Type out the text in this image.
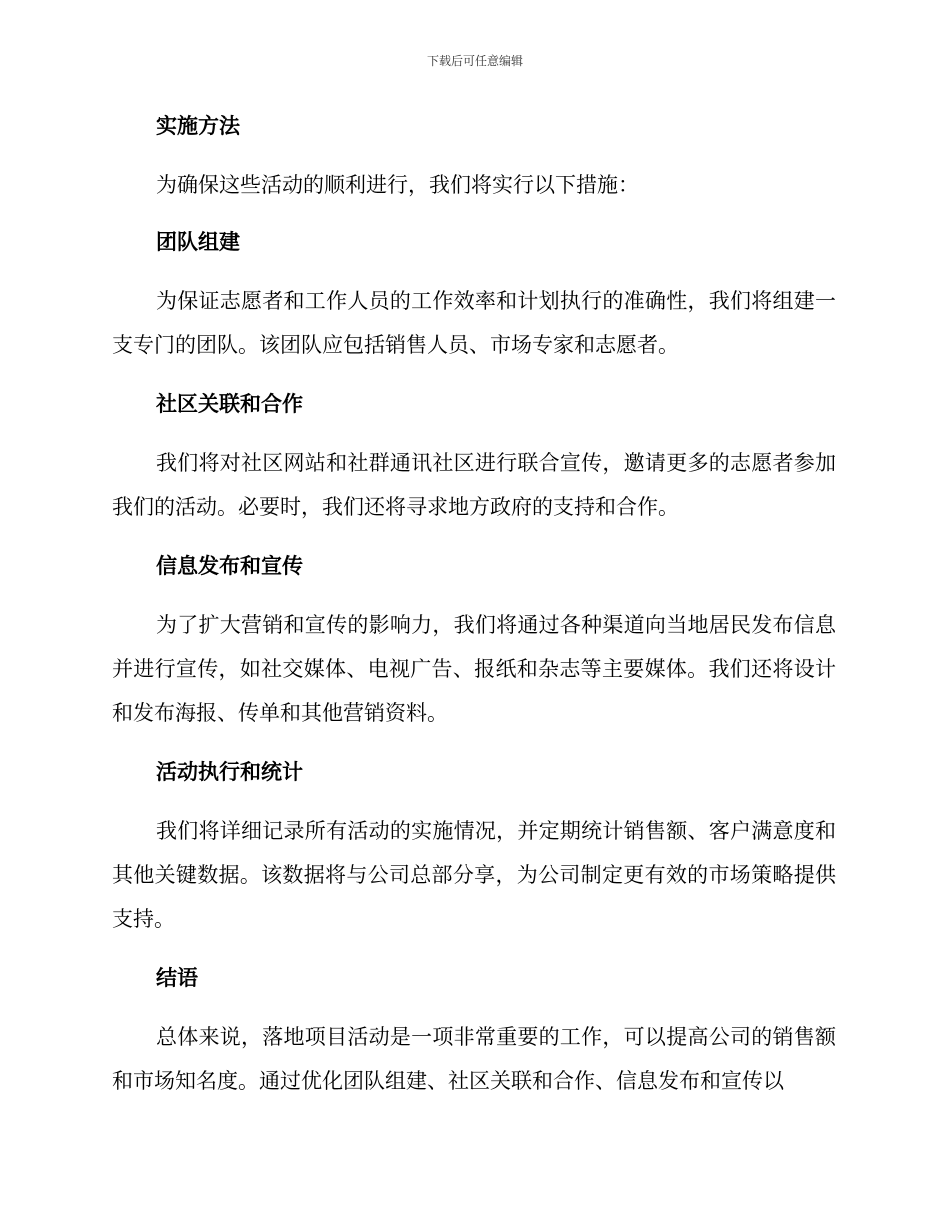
下载后可任意编辑
实施方法
为确保这些活动的顺利进行，我们将实行以下措施：
团队组建
为保证志愿者和工作人员的工作效率和计划执行的准确性，我们将组建一支专门的团队。该团队应包括销售人员、市场专家和志愿者。
社区关联和合作
我们将对社区网站和社群通讯社区进行联合宣传，邀请更多的志愿者参加我们的活动。必要时，我们还将寻求地方政府的支持和合作。
信息发布和宣传
为了扩大营销和宣传的影响力，我们将通过各种渠道向当地居民发布信息并进行宣传，如社交媒体、电视广告、报纸和杂志等主要媒体。我们还将设计和发布海报、传单和其他营销资料。
活动执行和统计
我们将详细记录所有活动的实施情况，并定期统计销售额、客户满意度和其他关键数据。该数据将与公司总部分享，为公司制定更有效的市场策略提供支持。
结语
总体来说，落地项目活动是一项非常重要的工作，可以提高公司的销售额和市场知名度。通过优化团队组建、社区关联和合作、信息发布和宣传以
